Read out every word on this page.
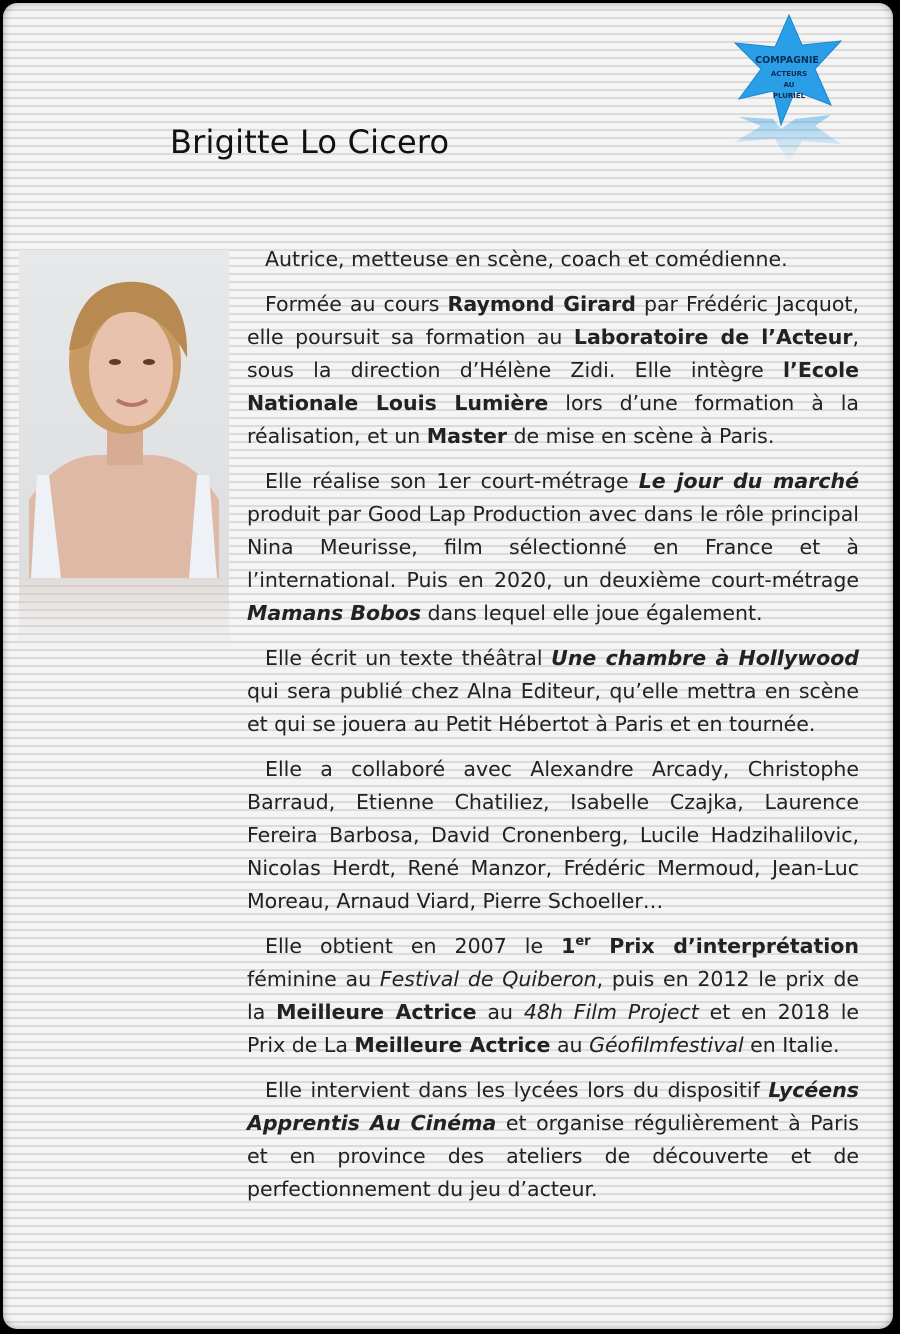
Brigitte Lo Cicero
COMPAGNIE
ACTEURS
AU
PLURIEL

Autrice, metteuse en scène, coach et comédienne.

Formée au cours Raymond Girard par Frédéric Jacquot, elle poursuit sa formation au Laboratoire de l’Acteur, sous la direction d’Hélène Zidi. Elle intègre l’Ecole Nationale Louis Lumière lors d’une formation à la réalisation, et un Master de mise en scène à Paris.

Elle réalise son 1er court-métrage Le jour du marché produit par Good Lap Production avec dans le rôle principal Nina Meurisse, film sélectionné en France et à l’international. Puis en 2020, un deuxième court-métrage Mamans Bobos dans lequel elle joue également.

Elle écrit un texte théâtral Une chambre à Hollywood qui sera publié chez Alna Editeur, qu’elle mettra en scène et qui se jouera au Petit Hébertot à Paris et en tournée.

Elle a collaboré avec Alexandre Arcady, Christophe Barraud, Etienne Chatiliez, Isabelle Czajka, Laurence Fereira Barbosa, David Cronenberg, Lucile Hadzihalilovic, Nicolas Herdt, René Manzor, Frédéric Mermoud, Jean-Luc Moreau, Arnaud Viard, Pierre Schoeller…

Elle obtient en 2007 le 1er Prix d’interprétation féminine au Festival de Quiberon, puis en 2012 le prix de la Meilleure Actrice au 48h Film Project et en 2018 le Prix de La Meilleure Actrice au Géofilmfestival en Italie.

Elle intervient dans les lycées lors du dispositif Lycéens Apprentis Au Cinéma et organise régulièrement à Paris et en province des ateliers de découverte et de perfectionnement du jeu d’acteur.
